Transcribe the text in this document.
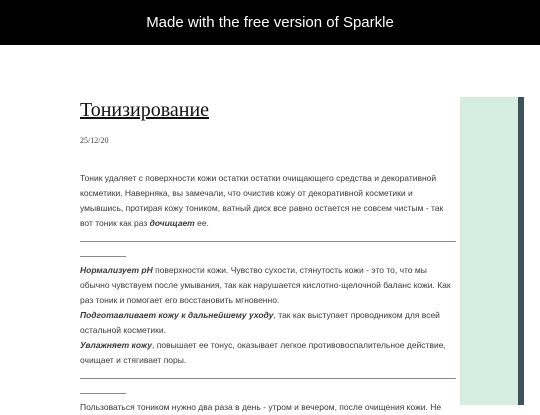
Made with the free version of Sparkle
Тонизирование
25/12/20

Тоник удаляет с поверхности кожи остатки остатки очищающего средства и декоративной косметики. Наверняка, вы замечали, что очистив кожу от декоративной косметики и умывшись, протирая кожу тоником, ватный диск все равно остается не совсем чистым - так вот тоник как раз дочищает ее.

Нормализует pH поверхности кожи. Чувство сухости, стянутость кожи - это то, что мы обычно чувствуем после умывания, так как нарушается кислотно-щелочной баланс кожи. Как раз тоник и помогает его восстановить мгновенно.
Подготавливает кожу к дальнейшему уходу, так как выступает проводником для всей остальной косметики.
Увлажняет кожу, повышает ее тонус, оказывает легкое противовоспалительное действие, очищает и стягивает поры.

Пользоваться тоником нужно два раза в день - утром и вечером, после очищения кожи. Не
